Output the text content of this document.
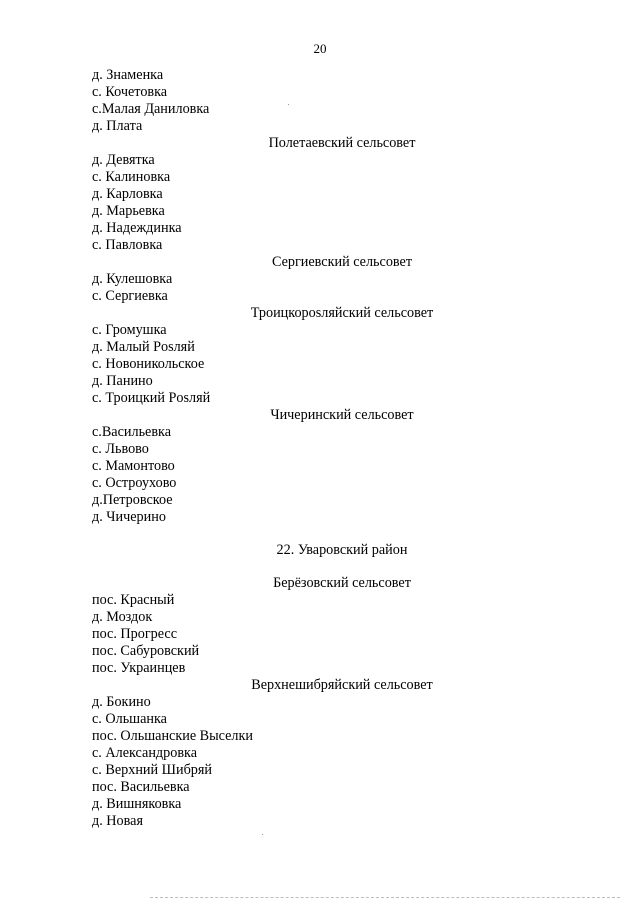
20
д. Знаменка
с. Кочетовка
с.Малая Даниловка
д. Плата
Полетаевский сельсовет
д. Девятка
с. Калиновка
д. Карловка
д. Марьевка
д. Надеждинка
с. Павловка
Сергиевский сельсовет
д. Кулешовка
с. Сергиевка
Троицкорosляйский сельсовет
с. Громушка
д. Малый Рosляй
с. Новоникольское
д. Панино
с. Троицкий Рosляй
Чичеринский сельсовет
с.Васильевка
с. Львово
с. Мамонтово
с. Остроухово
д.Петровское
д. Чичерино
22. Уваровский район
Берёзовский сельсовет
пос. Красный
д. Моздок
пос. Прогресс
пос. Сабуровский
пос. Украинцев
Верхнешибряйский сельсовет
д. Бокино
с. Ольшанка
пос. Ольшанские Выселки
с. Александровка
с. Верхний Шибряй
пос. Васильевка
д. Вишняковка
д. Новая
